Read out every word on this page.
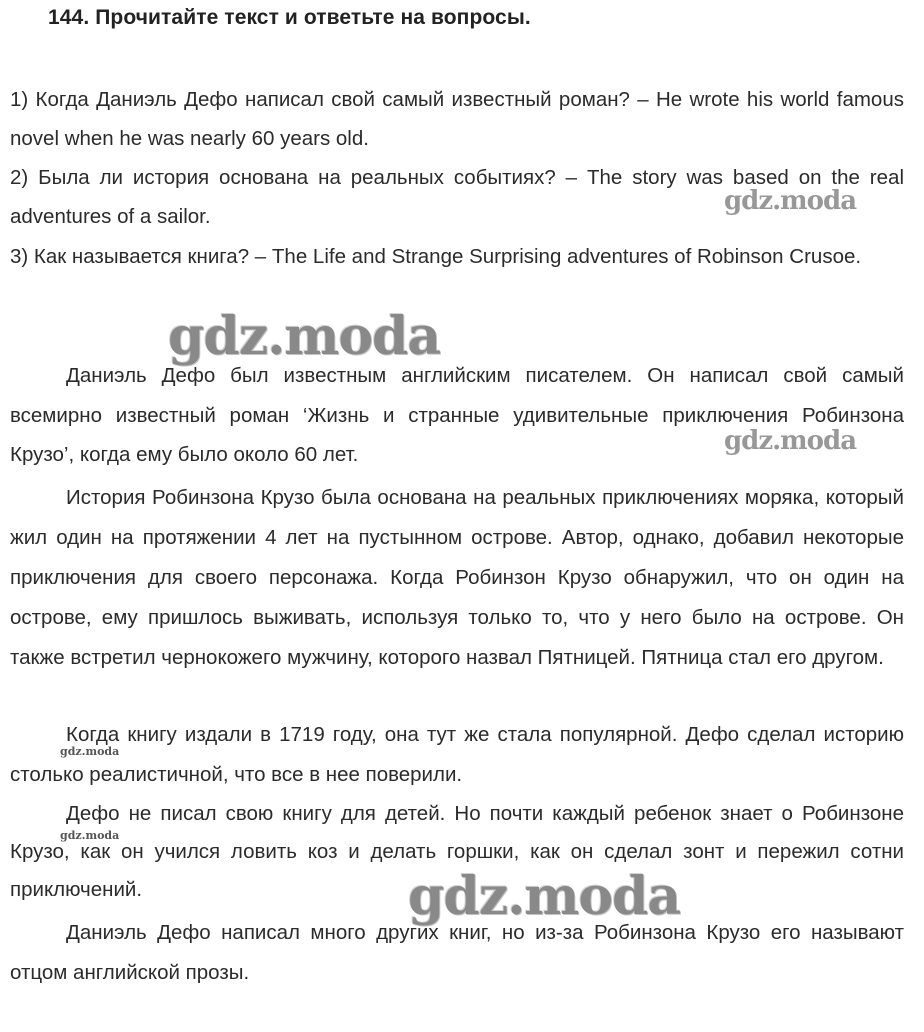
144. Прочитайте текст и ответьте на вопросы.
1) Когда Даниэль Дефо написал свой самый известный роман? – He wrote his world famous novel when he was nearly 60 years old.
2) Была ли история основана на реальных событиях? – The story was based on the real adventures of a sailor.
3) Как называется книга? – The Life and Strange Surprising adventures of Robinson Crusoe.

Даниэль Дефо был известным английским писателем. Он написал свой самый всемирно известный роман ‘Жизнь и странные удивительные приключения Робинзона Крузо’, когда ему было около 60 лет.

История Робинзона Крузо была основана на реальных приключениях моряка, который жил один на протяжении 4 лет на пустынном острове. Автор, однако, добавил некоторые приключения для своего персонажа. Когда Робинзон Крузо обнаружил, что он один на острове, ему пришлось выживать, используя только то, что у него было на острове. Он также встретил чернокожего мужчину, которого назвал Пятницей. Пятница стал его другом.

Когда книгу издали в 1719 году, она тут же стала популярной. Дефо сделал историю столько реалистичной, что все в нее поверили.

Дефо не писал свою книгу для детей. Но почти каждый ребенок знает о Робинзоне Крузо, как он учился ловить коз и делать горшки, как он сделал зонт и пережил сотни приключений.

Даниэль Дефо написал много других книг, но из-за Робинзона Крузо его называют отцом английской прозы.

gdz.moda
gdz.moda
gdz.moda
gdz.moda
gdz.moda
gdz.moda
